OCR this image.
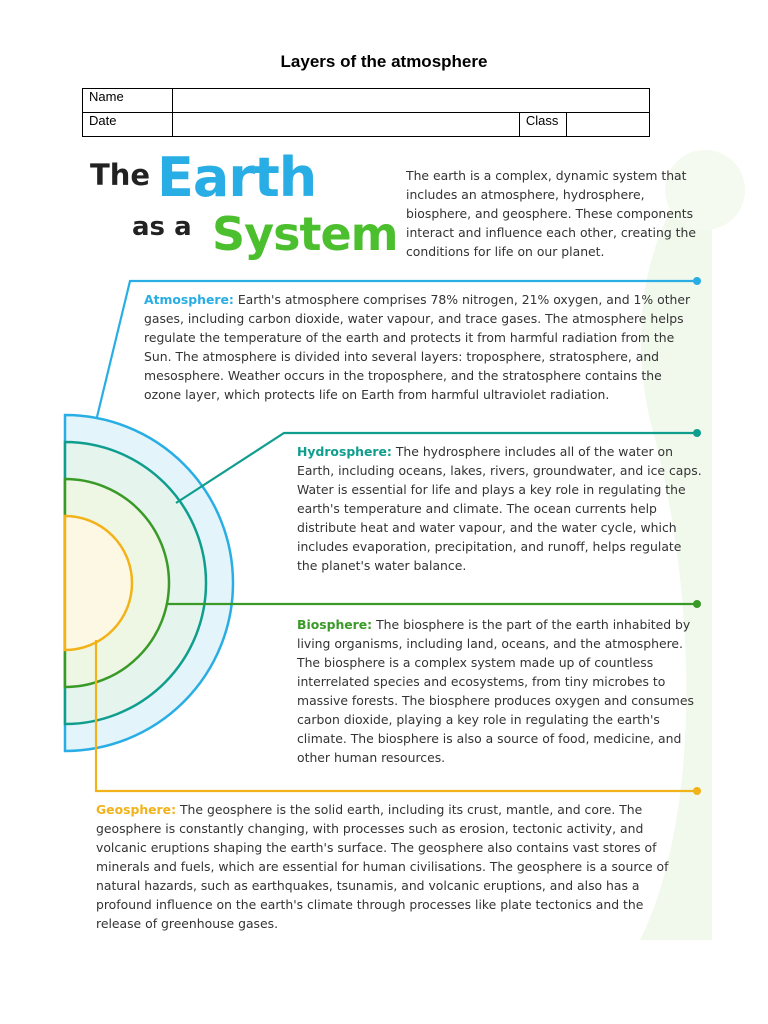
Layers of the atmosphere
Name			
Date		Class	
The Earth
as a System
The earth is a complex, dynamic system that includes an atmosphere, hydrosphere, biosphere, and geosphere. These components interact and influence each other, creating the conditions for life on our planet.
Atmosphere: Earth's atmosphere comprises 78% nitrogen, 21% oxygen, and 1% other gases, including carbon dioxide, water vapour, and trace gases. The atmosphere helps regulate the temperature of the earth and protects it from harmful radiation from the Sun. The atmosphere is divided into several layers: troposphere, stratosphere, and mesosphere. Weather occurs in the troposphere, and the stratosphere contains the ozone layer, which protects life on Earth from harmful ultraviolet radiation.
Hydrosphere: The hydrosphere includes all of the water on Earth, including oceans, lakes, rivers, groundwater, and ice caps. Water is essential for life and plays a key role in regulating the earth's temperature and climate. The ocean currents help distribute heat and water vapour, and the water cycle, which includes evaporation, precipitation, and runoff, helps regulate the planet's water balance.
Biosphere: The biosphere is the part of the earth inhabited by living organisms, including land, oceans, and the atmosphere. The biosphere is a complex system made up of countless interrelated species and ecosystems, from tiny microbes to massive forests. The biosphere produces oxygen and consumes carbon dioxide, playing a key role in regulating the earth's climate. The biosphere is also a source of food, medicine, and other human resources.
Geosphere: The geosphere is the solid earth, including its crust, mantle, and core. The geosphere is constantly changing, with processes such as erosion, tectonic activity, and volcanic eruptions shaping the earth's surface. The geosphere also contains vast stores of minerals and fuels, which are essential for human civilisations. The geosphere is a source of natural hazards, such as earthquakes, tsunamis, and volcanic eruptions, and also has a profound influence on the earth's climate through processes like plate tectonics and the release of greenhouse gases.
